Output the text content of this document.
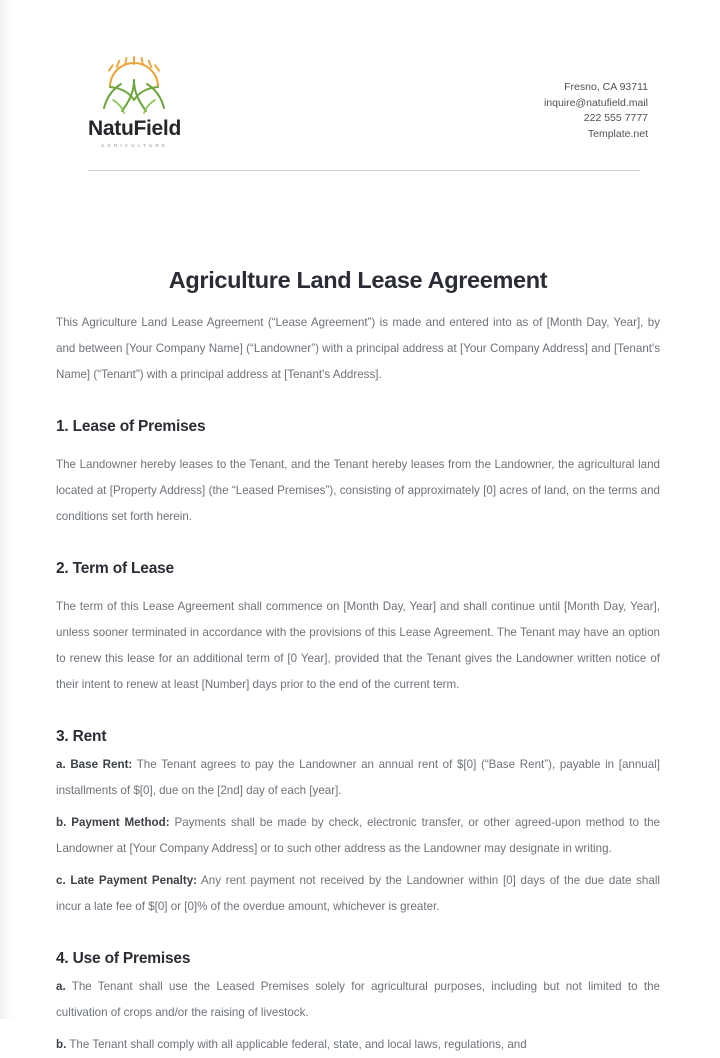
NatuField
AGRICULTURE
Fresno, CA 93711
inquire@natufield.mail
222 555 7777
Template.net
Agriculture Land Lease Agreement

This Agriculture Land Lease Agreement (“Lease Agreement”) is made and entered into as of [Month Day, Year], by and between [Your Company Name] (“Landowner”) with a principal address at [Your Company Address] and [Tenant's Name] (“Tenant”) with a principal address at [Tenant's Address].

1. Lease of Premises

The Landowner hereby leases to the Tenant, and the Tenant hereby leases from the Landowner, the agricultural land located at [Property Address] (the “Leased Premises”), consisting of approximately [0] acres of land, on the terms and conditions set forth herein.

2. Term of Lease

The term of this Lease Agreement shall commence on [Month Day, Year] and shall continue until [Month Day, Year], unless sooner terminated in accordance with the provisions of this Lease Agreement. The Tenant may have an option to renew this lease for an additional term of [0 Year], provided that the Tenant gives the Landowner written notice of their intent to renew at least [Number] days prior to the end of the current term.

3. Rent

a. Base Rent: The Tenant agrees to pay the Landowner an annual rent of $[0] (“Base Rent”), payable in [annual] installments of $[0], due on the [2nd] day of each [year].

b. Payment Method: Payments shall be made by check, electronic transfer, or other agreed-upon method to the Landowner at [Your Company Address] or to such other address as the Landowner may designate in writing.

c. Late Payment Penalty: Any rent payment not received by the Landowner within [0] days of the due date shall incur a late fee of $[0] or [0]% of the overdue amount, whichever is greater.

4. Use of Premises

a. The Tenant shall use the Leased Premises solely for agricultural purposes, including but not limited to the cultivation of crops and/or the raising of livestock.

b. The Tenant shall comply with all applicable federal, state, and local laws, regulations, and
